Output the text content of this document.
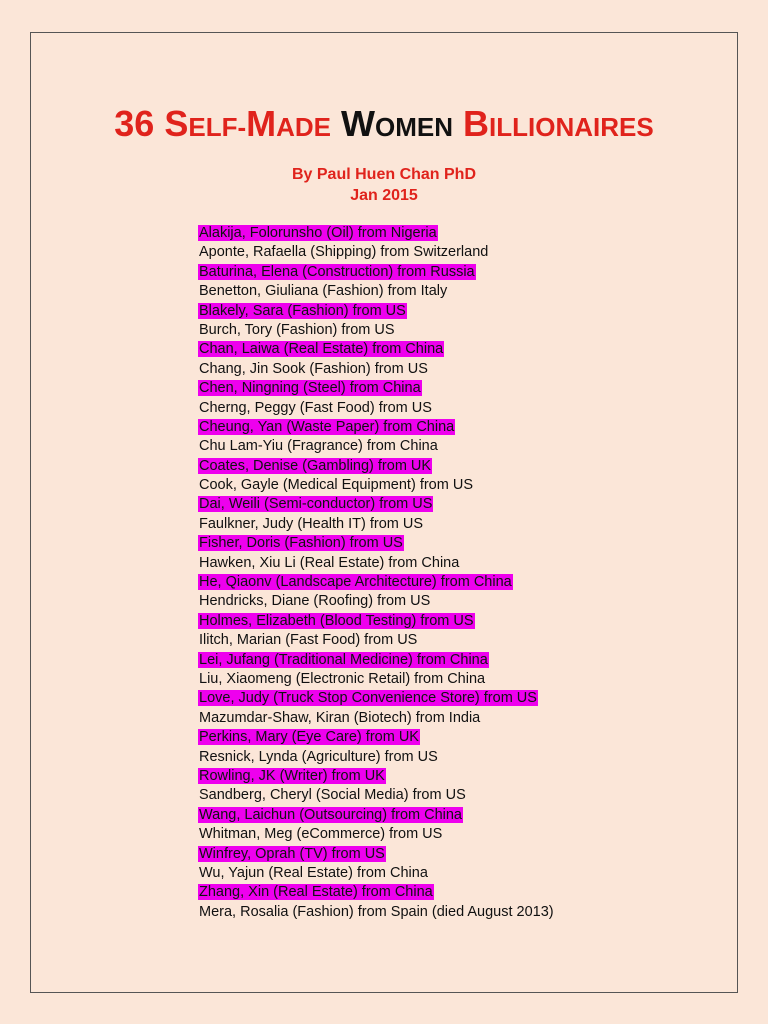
36 SELF-MADE WOMEN BILLIONAIRES
By Paul Huen Chan PhD
Jan 2015
Alakija, Folorunsho (Oil) from Nigeria
Aponte, Rafaella (Shipping) from Switzerland
Baturina, Elena (Construction) from Russia
Benetton, Giuliana (Fashion) from Italy
Blakely, Sara (Fashion) from US
Burch, Tory (Fashion) from US
Chan, Laiwa (Real Estate) from China
Chang, Jin Sook (Fashion) from US
Chen, Ningning (Steel) from China
Cherng, Peggy (Fast Food) from US
Cheung, Yan (Waste Paper) from China
Chu Lam-Yiu (Fragrance) from China
Coates, Denise (Gambling) from UK
Cook, Gayle (Medical Equipment) from US
Dai, Weili (Semi-conductor) from US
Faulkner, Judy (Health IT) from US
Fisher, Doris (Fashion) from US
Hawken, Xiu Li (Real Estate) from China
He, Qiaonv (Landscape Architecture) from China
Hendricks, Diane (Roofing) from US
Holmes, Elizabeth (Blood Testing) from US
Ilitch, Marian (Fast Food) from US
Lei, Jufang (Traditional Medicine) from China
Liu, Xiaomeng (Electronic Retail) from China
Love, Judy (Truck Stop Convenience Store) from US
Mazumdar-Shaw, Kiran (Biotech) from India
Perkins, Mary (Eye Care) from UK
Resnick, Lynda (Agriculture) from US
Rowling, JK (Writer) from UK
Sandberg, Cheryl (Social Media) from US
Wang, Laichun (Outsourcing) from China
Whitman, Meg (eCommerce) from US
Winfrey, Oprah (TV) from US
Wu, Yajun (Real Estate) from China
Zhang, Xin (Real Estate) from China
Mera, Rosalia (Fashion) from Spain (died August 2013)
